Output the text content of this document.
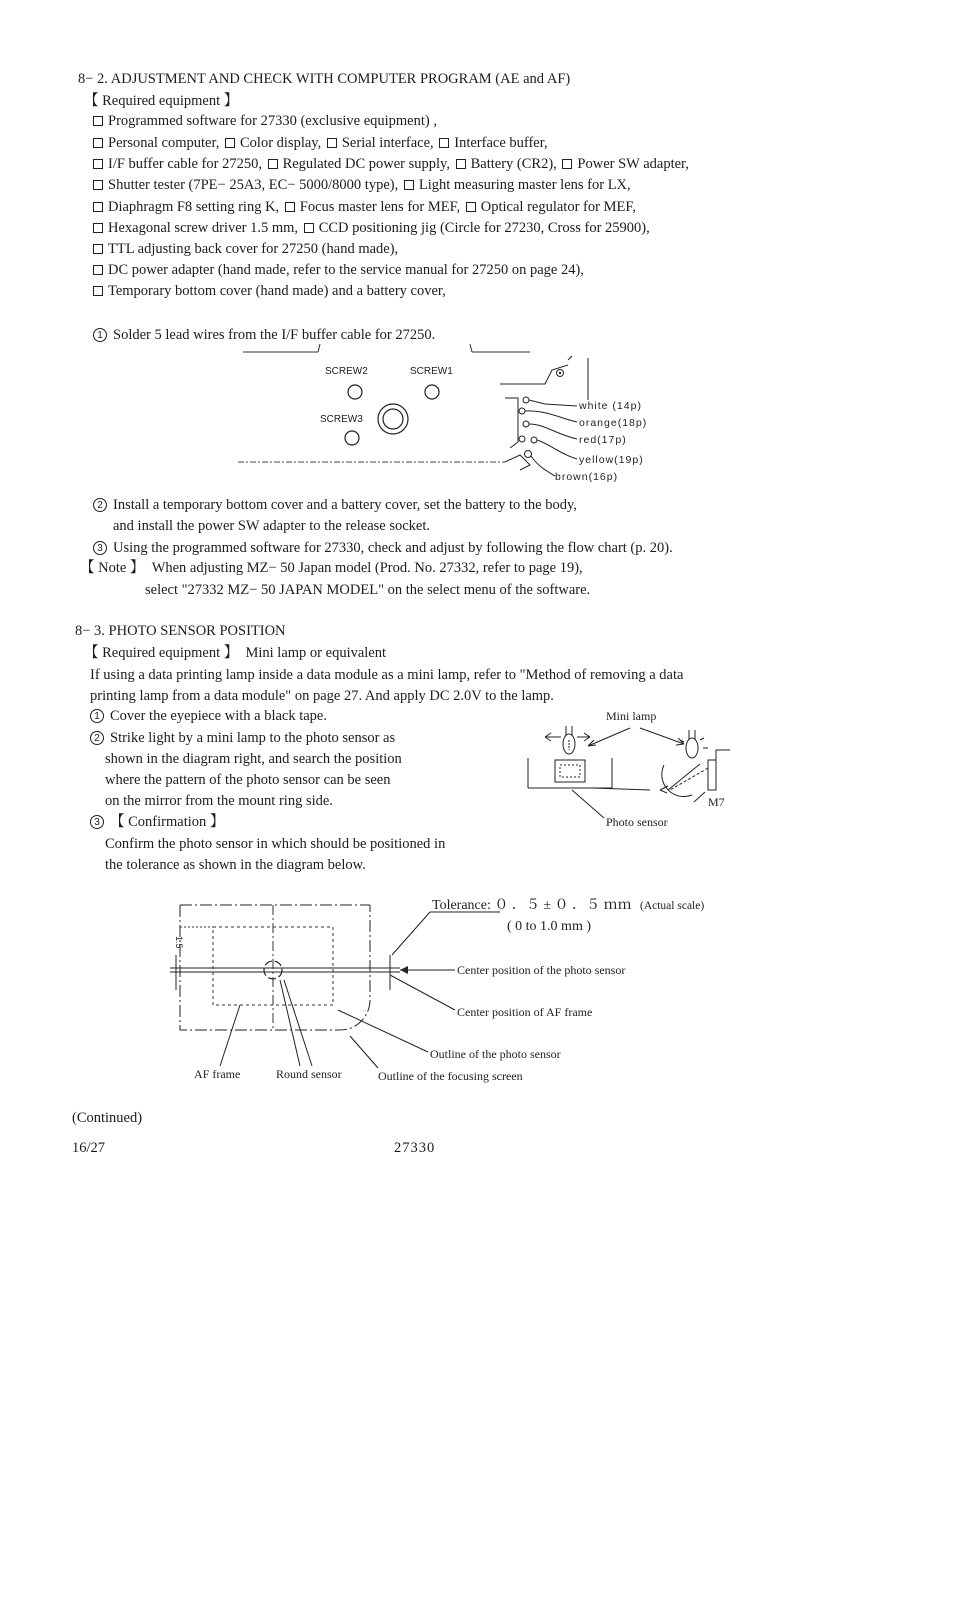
8− 2. ADJUSTMENT AND CHECK WITH COMPUTER PROGRAM (AE and AF)
【 Required equipment 】
Programmed software for 27330 (exclusive equipment) ,
Personal computer, Color display, Serial interface, Interface buffer,
I/F buffer cable for 27250, Regulated DC power supply, Battery (CR2), Power SW adapter,
Shutter tester (7PE− 25A3, EC− 5000/8000 type), Light measuring master lens for LX,
Diaphragm F8 setting ring K, Focus master lens for MEF, Optical regulator for MEF,
Hexagonal screw driver 1.5 mm, CCD positioning jig (Circle for 27230, Cross for 25900),
TTL adjusting back cover for 27250 (hand made),
DC power adapter (hand made, refer to the service manual for 27250 on page 24),
Temporary bottom cover (hand made) and a battery cover,
1 Solder 5 lead wires from the I/F buffer cable for 27250.
SCREW2	SCREW1
SCREW3
white (14p)
orange(18p)
red(17p)
yellow(19p)
brown(16p)
2 Install a temporary bottom cover and a battery cover, set the battery to the body,
and install the power SW adapter to the release socket.
3 Using the programmed software for 27330, check and adjust by following the flow chart (p. 20).
【 Note 】 When adjusting MZ− 50 Japan model (Prod. No. 27332, refer to page 19),
select "27332 MZ− 50 JAPAN MODEL" on the select menu of the software.
8− 3. PHOTO SENSOR POSITION
【 Required equipment 】 Mini lamp or equivalent
If using a data printing lamp inside a data module as a mini lamp, refer to "Method of removing a data
printing lamp from a data module" on page 27. And apply DC 2.0V to the lamp.
1 Cover the eyepiece with a black tape.
2 Strike light by a mini lamp to the photo sensor as
shown in the diagram right, and search the position
where the pattern of the photo sensor can be seen
on the mirror from the mount ring side.
3 【 Confirmation 】
Confirm the photo sensor in which should be positioned in
the tolerance as shown in the diagram below.
Mini lamp
Photo sensor
M7
1.5
Tolerance: ０ ．５ ± ０ ．５ ｍｍ (Actual scale)
( 0 to 1.0 mm )
Center position of the photo sensor
Center position of AF frame
Outline of the photo sensor
Outline of the focusing screen
AF frame	Round sensor
(Continued)
16/27	27330
